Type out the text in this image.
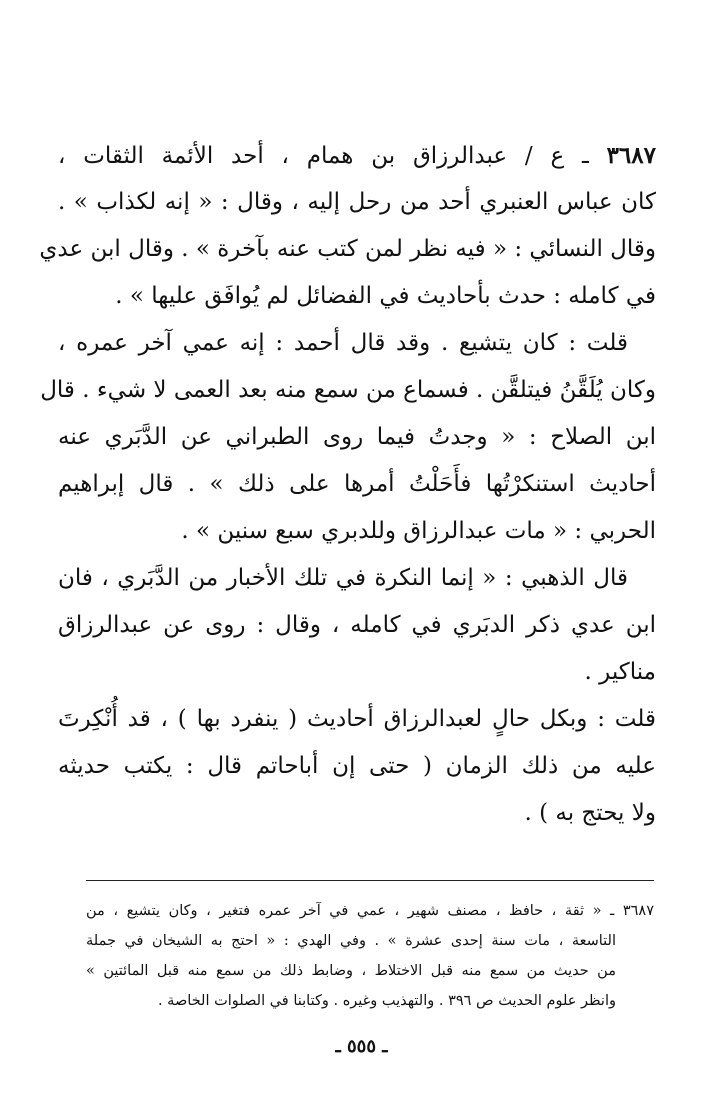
٣٦٨٧ ـ ع / عبدالرزاق بن همام ، أحد الأئمة الثقات ،
كان عباس العنبري أحد من رحل إليه ، وقال : « إنه لكذاب » .
وقال النسائي : « فيه نظر لمن كتب عنه بآخرة » . وقال ابن عدي
في كامله : حدث بأحاديث في الفضائل لم يُوافَق عليها » .
قلت : كان يتشيع . وقد قال أحمد : إنه عمي آخر عمره ،
وكان يُلَقَّنُ فيتلقَّن . فسماع من سمع منه بعد العمى لا شيء . قال
ابن الصلاح : « وجدتُ فيما روى الطبراني عن الدَّبَري عنه
أحاديث استنكرْتُها فأَحَلْتُ أمرها على ذلك » . قال إبراهيم
الحربي : « مات عبدالرزاق وللدبري سبع سنين » .
قال الذهبي : « إنما النكرة في تلك الأخبار من الدَّبَري ، فان
ابن عدي ذكر الدبَري في كامله ، وقال : روى عن عبدالرزاق
مناكير .
قلت : وبكل حالٍ لعبدالرزاق أحاديث ( ينفرد بها ) ، قد أُنْكِرتَ
عليه من ذلك الزمان ( حتى إن أباحاتم قال : يكتب حديثه
ولا يحتج به ) .
٣٦٨٧ ـ « ثقة ، حافظ ، مصنف شهير ، عمي في آخر عمره فتغير ، وكان يتشيع ، من
التاسعة ، مات سنة إحدى عشرة » . وفي الهدي : « احتج به الشيخان في جملة
من حديث من سمع منه قبل الاختلاط ، وضابط ذلك من سمع منه قبل المائتين »
وانظر علوم الحديث ص ٣٩٦ . والتهذيب وغيره . وكتابنا في الصلوات الخاصة .
ـ ٥٥٥ ـ
